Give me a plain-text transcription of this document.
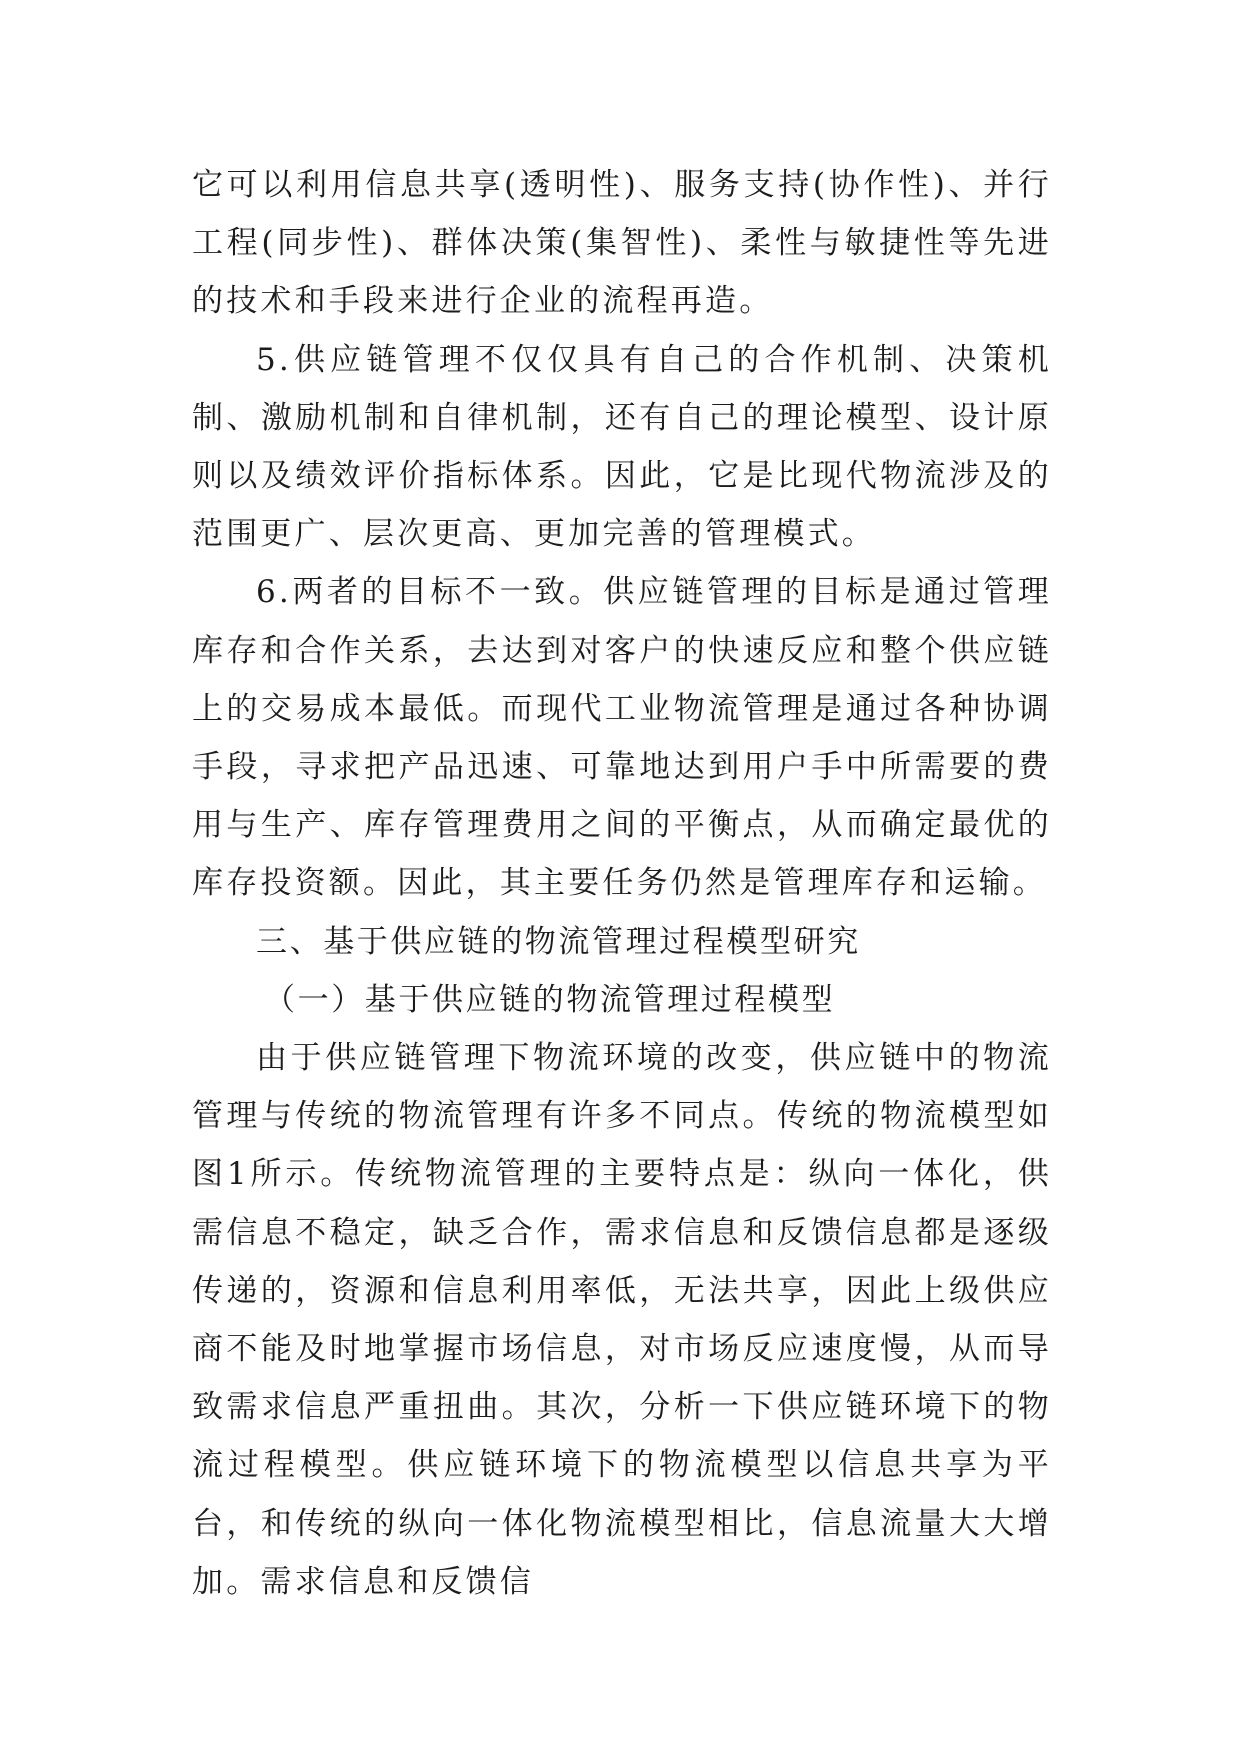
它可以利用信息共享(透明性)、服务支持(协作性)、并行工程(同步性)、群体决策(集智性)、柔性与敏捷性等先进的技术和手段来进行企业的流程再造。

5.供应链管理不仅仅具有自己的合作机制、决策机制、激励机制和自律机制，还有自己的理论模型、设计原则以及绩效评价指标体系。因此，它是比现代物流涉及的范围更广、层次更高、更加完善的管理模式。

6.两者的目标不一致。供应链管理的目标是通过管理库存和合作关系，去达到对客户的快速反应和整个供应链上的交易成本最低。而现代工业物流管理是通过各种协调手段，寻求把产品迅速、可靠地达到用户手中所需要的费用与生产、库存管理费用之间的平衡点，从而确定最优的库存投资额。因此，其主要任务仍然是管理库存和运输。

三、基于供应链的物流管理过程模型研究

（一）基于供应链的物流管理过程模型

由于供应链管理下物流环境的改变，供应链中的物流管理与传统的物流管理有许多不同点。传统的物流模型如图1所示。传统物流管理的主要特点是：纵向一体化，供需信息不稳定，缺乏合作，需求信息和反馈信息都是逐级传递的，资源和信息利用率低，无法共享，因此上级供应商不能及时地掌握市场信息，对市场反应速度慢，从而导致需求信息严重扭曲。其次，分析一下供应链环境下的物流过程模型。供应链环境下的物流模型以信息共享为平台，和传统的纵向一体化物流模型相比，信息流量大大增加。需求信息和反馈信
